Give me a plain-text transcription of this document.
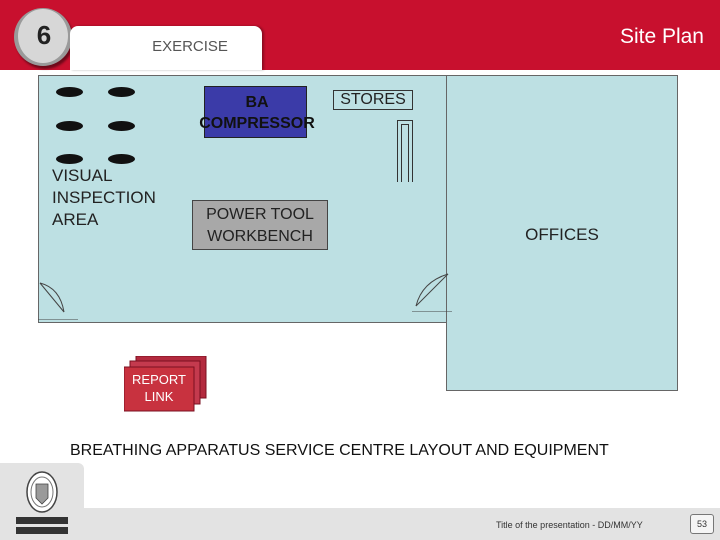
6	EXERCISE	Site Plan
OFFICES
BA
COMPRESSOR
STORES
VISUAL
INSPECTION
AREA	POWER TOOL
WORKBENCH
REPORT
LINK
BREATHING APPARATUS SERVICE CENTRE LAYOUT AND EQUIPMENT
Title of the presentation - DD/MM/YY	53
